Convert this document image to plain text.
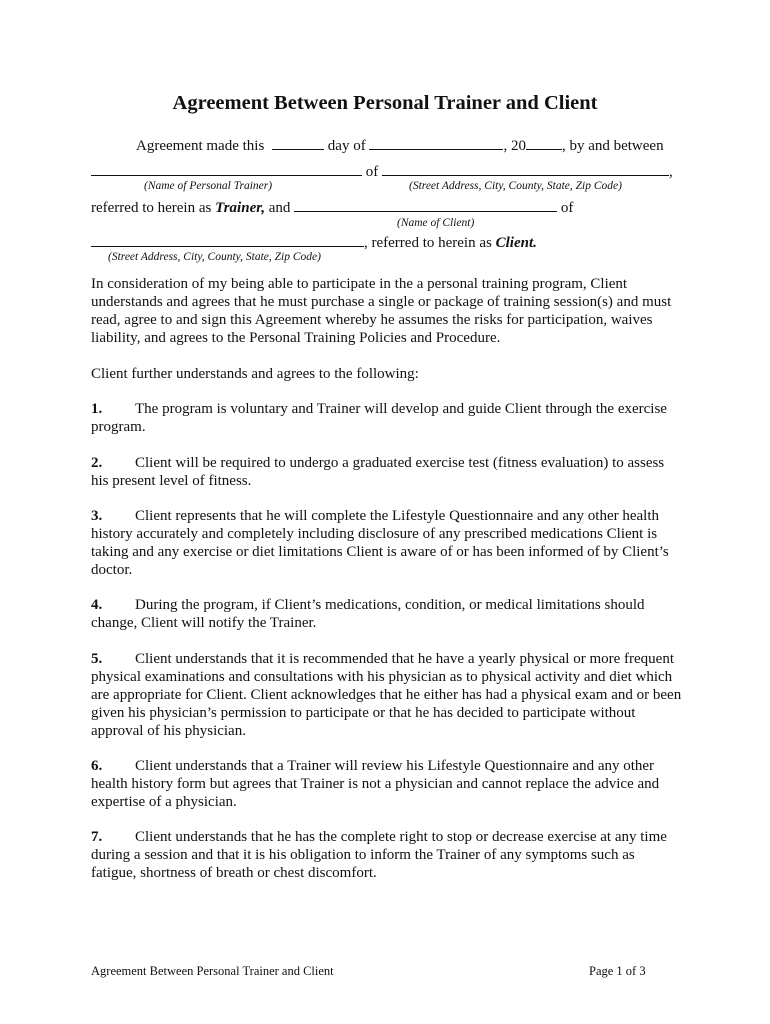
Agreement Between Personal Trainer and Client
Agreement made this	day of	, 20 , by and between
of	,
(Name of Personal Trainer)	(Street Address, City, County, State, Zip Code)
referred to herein as Trainer, and	of
(Name of Client)
, referred to herein as Client.
(Street Address, City, County, State, Zip Code)
In consideration of my being able to participate in the a personal training program, Client understands and agrees that he must purchase a single or package of training session(s) and must read, agree to and sign this Agreement whereby he assumes the risks for participation, waives liability, and agrees to the Personal Training Policies and Procedure.
Client further understands and agrees to the following:
1. The program is voluntary and Trainer will develop and guide Client through the exercise program.
2. Client will be required to undergo a graduated exercise test (fitness evaluation) to assess his present level of fitness.
3. Client represents that he will complete the Lifestyle Questionnaire and any other health history accurately and completely including disclosure of any prescribed medications Client is taking and any exercise or diet limitations Client is aware of or has been informed of by Client’s doctor.
4. During the program, if Client’s medications, condition, or medical limitations should change, Client will notify the Trainer.
5. Client understands that it is recommended that he have a yearly physical or more frequent physical examinations and consultations with his physician as to physical activity and diet which are appropriate for Client. Client acknowledges that he either has had a physical exam and or been given his physician’s permission to participate or that he has decided to participate without approval of his physician.
6. Client understands that a Trainer will review his Lifestyle Questionnaire and any other health history form but agrees that Trainer is not a physician and cannot replace the advice and expertise of a physician.
7. Client understands that he has the complete right to stop or decrease exercise at any time during a session and that it is his obligation to inform the Trainer of any symptoms such as fatigue, shortness of breath or chest discomfort.
Agreement Between Personal Trainer and Client	Page 1 of 3
